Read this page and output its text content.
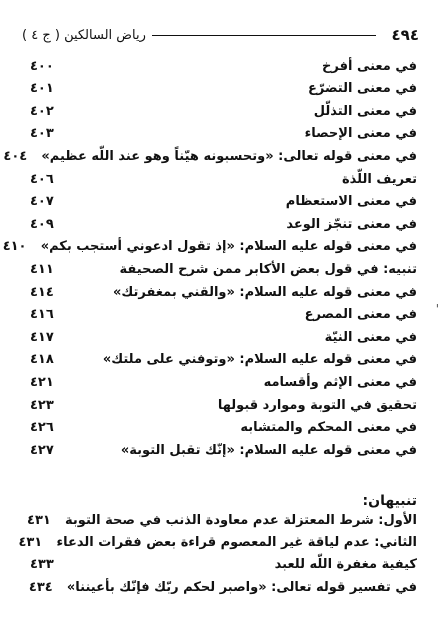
٤٩٤
رياض السالكين ( ج ٤ )
في معنى أفرخ
٤٠٠
في معنى التضرّع
٤٠١
في معنى التذلّل
٤٠٢
في معنى الإحصاء
٤٠٣
في معنى قوله تعالى: «وتحسبونه هيّناً وهو عند اللّه عظيم»
٤٠٤
تعريف اللّذة
٤٠٦
في معنى الاستعظام
٤٠٧
في معنى تنجّز الوعد
٤٠٩
في معنى قوله عليه السلام: «إذ تقول ادعوني أستجب بكم»
٤١٠
تنبيه: في قول بعض الأكابر ممن شرح الصحيفة
٤١١
في معنى قوله عليه السلام: «والقني بمغفرتك»
٤١٤
في معنى المصرع
٤١٦
في معنى النيّة
٤١٧
في معنى قوله عليه السلام: «وتوفني على ملتك»
٤١٨
في معنى الإثم وأقسامه
٤٢١
تحقيق في التوبة وموارد قبولها
٤٢٣
في معنى المحكم والمتشابه
٤٢٦
في معنى قوله عليه السلام: «إنّك تقبل التوبة»
٤٢٧
'
تنبيهان:
الأول: شرط المعتزلة عدم معاودة الذنب في صحة التوبة
٤٣١
الثاني: عدم لياقة غير المعصوم قراءة بعض فقرات الدعاء
٤٣١
كيفية مغفرة اللّه للعبد
٤٣٣
في تفسير قوله تعالى: «واصبر لحكم ربّك فإنّك بأعيننا»
٤٣٤
